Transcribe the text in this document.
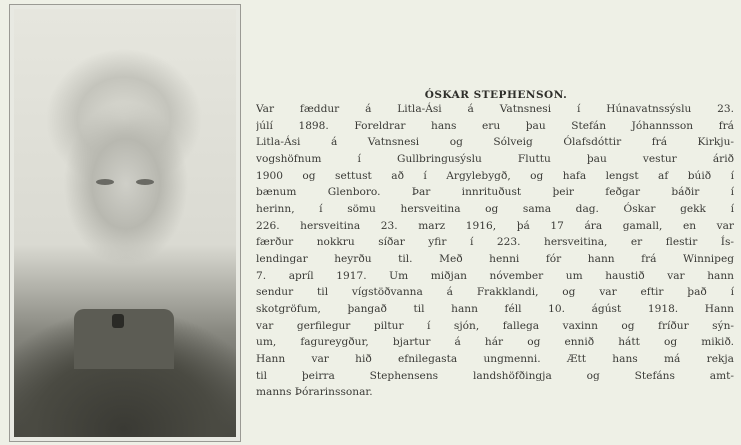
ÓSKAR STEPHENSON.
Var fæddur á Litla-Ási á Vatnsnesi í Húnavatnssýslu 23.
júlí 1898. Foreldrar hans eru þau Stefán Jóhannsson frá
Litla-Ási á Vatnsnesi og Sólveig Ólafsdóttir frá Kirkju-
vogshöfnum í Gullbringusýslu Fluttu þau vestur árið
1900 og settust að í Argylebygð, og hafa lengst af búið í
bænum Glenboro. Þar innrituðust þeir feðgar báðir í
herinn, í sömu hersveitina og sama dag. Óskar gekk í
226. hersveitina 23. marz 1916, þá 17 ára gamall, en var
færður nokkru síðar yfir í 223. hersveitina, er flestir Ís-
lendingar heyrðu til. Með henni fór hann frá Winnipeg
7. apríl 1917. Um miðjan nóvember um haustið var hann
sendur til vígstöðvanna á Frakklandi, og var eftir það í
skotgröfum, þangað til hann féll 10. ágúst 1918. Hann
var gerfilegur piltur í sjón, fallega vaxinn og fríður sýn-
um, fagureygður, bjartur á hár og ennið hátt og mikið.
Hann var hið efnilegasta ungmenni. Ætt hans má rekja
til þeirra Stephensens landshöfðingja og Stefáns amt-
manns Þórarinssonar.
